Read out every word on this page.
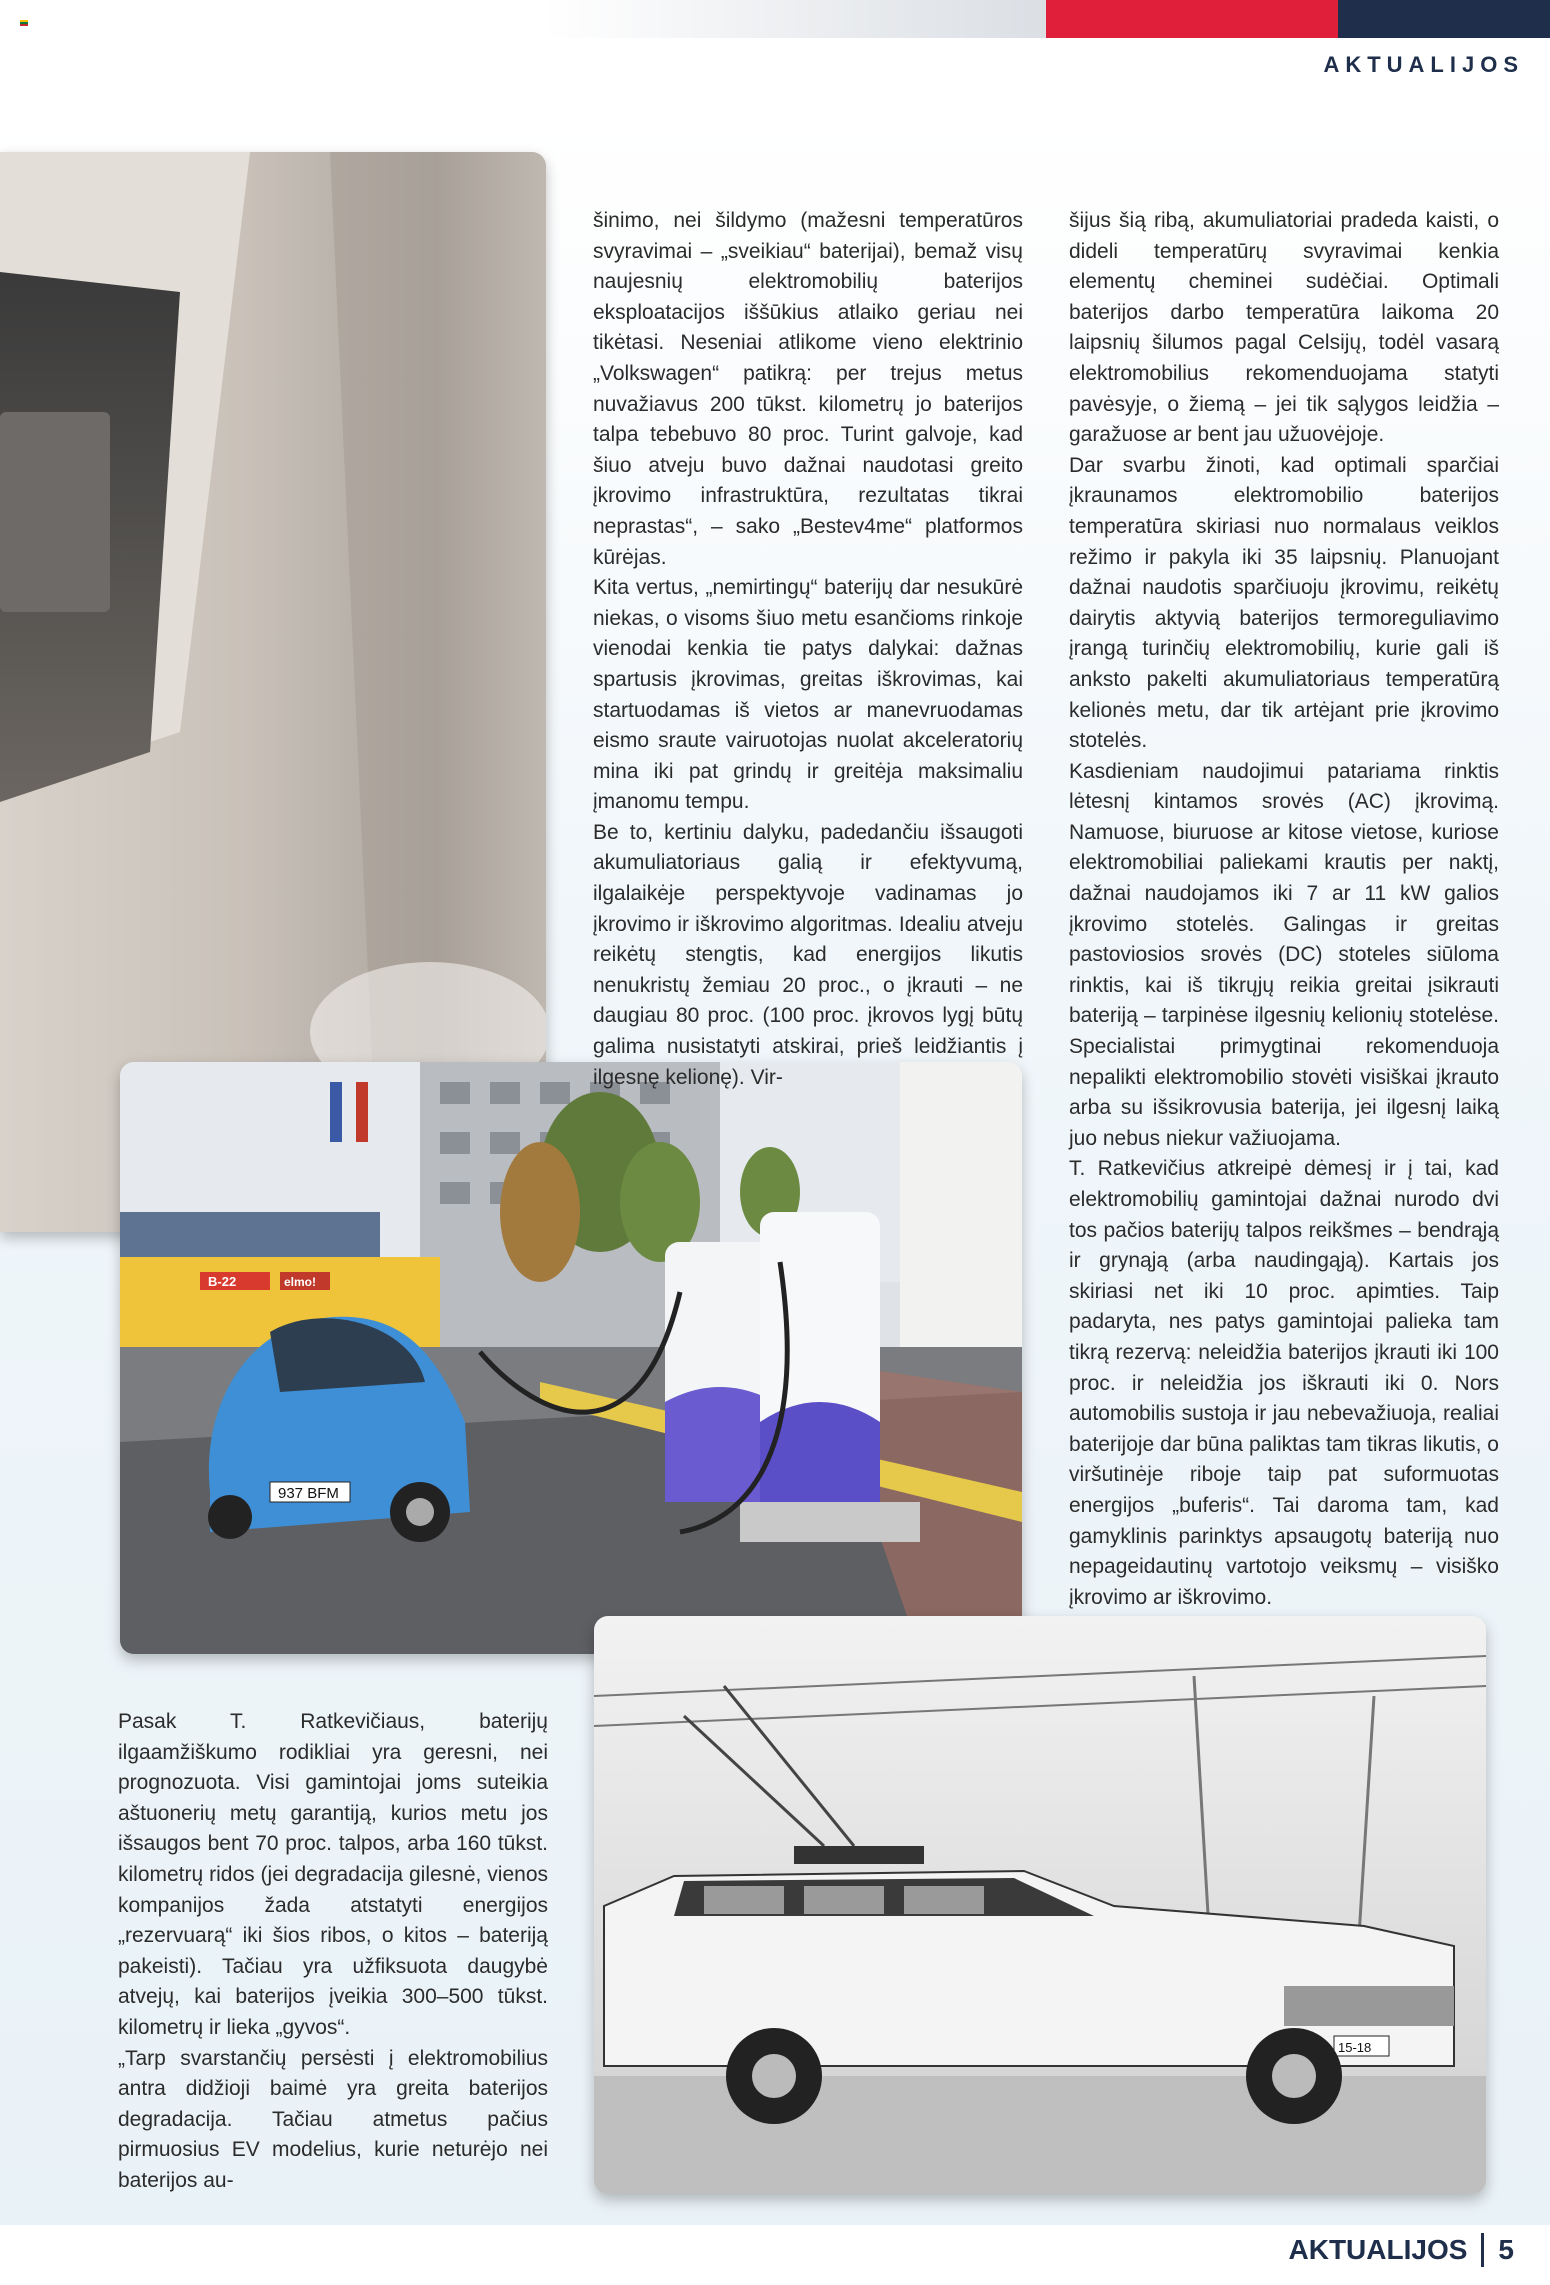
AKTUALIJOS
B-22	elmo!
937 BFM
15-18

šinimo, nei šildymo (mažesni temperatūros svyravimai – „sveikiau“ baterijai), bemaž visų naujesnių elektromobilių baterijos eksploatacijos iššūkius atlaiko geriau nei tikėtasi. Neseniai atlikome vieno elektrinio „Volkswagen“ patikrą: per trejus metus nuvažiavus 200 tūkst. kilometrų jo baterijos talpa tebebuvo 80 proc. Turint galvoje, kad šiuo atveju buvo dažnai naudotasi greito įkrovimo infrastruktūra, rezultatas tikrai neprastas“, – sako „Bestev4me“ platformos kūrėjas.

Kita vertus, „nemirtingų“ baterijų dar nesukūrė niekas, o visoms šiuo metu esančioms rinkoje vienodai kenkia tie patys dalykai: dažnas spartusis įkrovimas, greitas iškrovimas, kai startuodamas iš vietos ar manevruodamas eismo sraute vairuotojas nuolat akceleratorių mina iki pat grindų ir greitėja maksimaliu įmanomu tempu.

Be to, kertiniu dalyku, padedančiu išsaugoti akumuliatoriaus galią ir efektyvumą, ilgalaikėje perspektyvoje vadinamas jo įkrovimo ir iškrovimo algoritmas. Idealiu atveju reikėtų stengtis, kad energijos likutis nenukristų žemiau 20 proc., o įkrauti – ne daugiau 80 proc. (100 proc. įkrovos lygį būtų galima nusistatyti atskirai, prieš leidžiantis į ilgesnę kelionę). Vir-

šijus šią ribą, akumuliatoriai pradeda kaisti, o dideli temperatūrų svyravimai kenkia elementų cheminei sudėčiai. Optimali baterijos darbo temperatūra laikoma 20 laipsnių šilumos pagal Celsijų, todėl vasarą elektromobilius rekomenduojama statyti pavėsyje, o žiemą – jei tik sąlygos leidžia – garažuose ar bent jau užuovėjoje.

Dar svarbu žinoti, kad optimali sparčiai įkraunamos elektromobilio baterijos temperatūra skiriasi nuo normalaus veiklos režimo ir pakyla iki 35 laipsnių. Planuojant dažnai naudotis sparčiuoju įkrovimu, reikėtų dairytis aktyvią baterijos termoreguliavimo įrangą turinčių elektromobilių, kurie gali iš anksto pakelti akumuliatoriaus temperatūrą kelionės metu, dar tik artėjant prie įkrovimo stotelės.

Kasdieniam naudojimui patariama rinktis lėtesnį kintamos srovės (AC) įkrovimą. Namuose, biuruose ar kitose vietose, kuriose elektromobiliai paliekami krautis per naktį, dažnai naudojamos iki 7 ar 11 kW galios įkrovimo stotelės. Galingas ir greitas pastoviosios srovės (DC) stoteles siūloma rinktis, kai iš tikrųjų reikia greitai įsikrauti bateriją – tarpinėse ilgesnių kelionių stotelėse. Specialistai primygtinai rekomenduoja nepalikti elektromobilio stovėti visiškai įkrauto arba su išsikrovusia baterija, jei ilgesnį laiką juo nebus niekur važiuojama.

T. Ratkevičius atkreipė dėmesį ir į tai, kad elektromobilių gamintojai dažnai nurodo dvi tos pačios baterijų talpos reikšmes – bendrąją ir grynąją (arba naudingąją). Kartais jos skiriasi net iki 10 proc. apimties. Taip padaryta, nes patys gamintojai palieka tam tikrą rezervą: neleidžia baterijos įkrauti iki 100 proc. ir neleidžia jos iškrauti iki 0. Nors automobilis sustoja ir jau nebevažiuoja, realiai baterijoje dar būna paliktas tam tikras likutis, o viršutinėje riboje taip pat suformuotas energijos „buferis“. Tai daroma tam, kad gamyklinis parinktys apsaugotų bateriją nuo nepageidautinų vartotojo veiksmų – visiško įkrovimo ar iškrovimo.

Pasak T. Ratkevičiaus, baterijų ilgaamžiškumo rodikliai yra geresni, nei prognozuota. Visi gamintojai joms suteikia aštuonerių metų garantiją, kurios metu jos išsaugos bent 70 proc. talpos, arba 160 tūkst. kilometrų ridos (jei degradacija gilesnė, vienos kompanijos žada atstatyti energijos „rezervuarą“ iki šios ribos, o kitos – bateriją pakeisti). Tačiau yra užfiksuota daugybė atvejų, kai baterijos įveikia 300–500 tūkst. kilometrų ir lieka „gyvos“.

„Tarp svarstančių persėsti į elektromobilius antra didžioji baimė yra greita baterijos degradacija. Tačiau atmetus pačius pirmuosius EV modelius, kurie neturėjo nei baterijos au-

AKTUALIJOS 5
